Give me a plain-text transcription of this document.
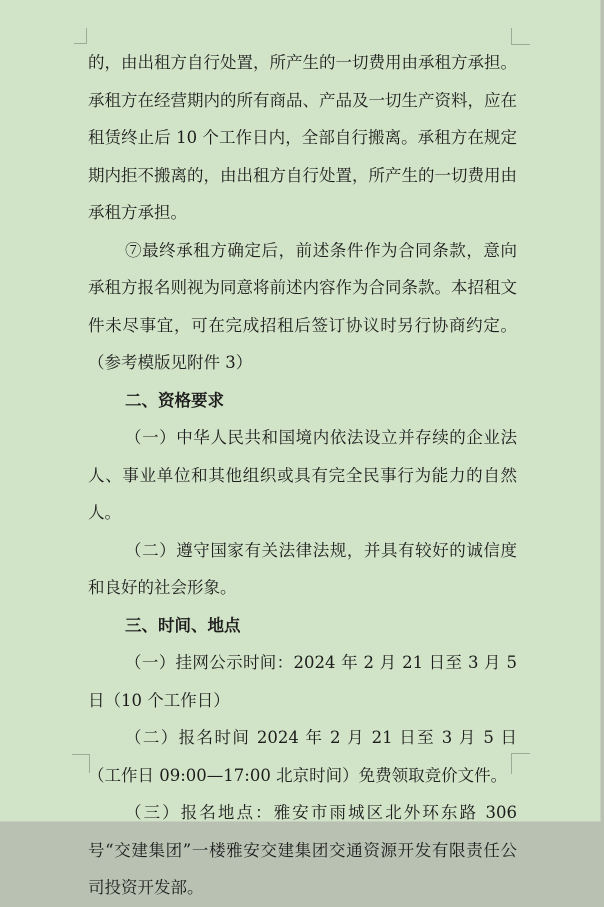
的，由出租方自行处置，所产生的一切费用由承租方承担。承租方在经营期内的所有商品、产品及一切生产资料，应在租赁终止后 10 个工作日内，全部自行搬离。承租方在规定期内拒不搬离的，由出租方自行处置，所产生的一切费用由承租方承担。

⑦最终承租方确定后，前述条件作为合同条款，意向承租方报名则视为同意将前述内容作为合同条款。本招租文件未尽事宜，可在完成招租后签订协议时另行协商约定。（参考模版见附件 3）

二、资格要求

（一）中华人民共和国境内依法设立并存续的企业法人、事业单位和其他组织或具有完全民事行为能力的自然人。

（二）遵守国家有关法律法规，并具有较好的诚信度和良好的社会形象。

三、时间、地点

（一）挂网公示时间：2024 年 2 月 21 日至 3 月 5 日（10 个工作日）

（二）报名时间 2024 年 2 月 21 日至 3 月 5 日（工作日 09:00—17:00 北京时间）免费领取竞价文件。

（三）报名地点：雅安市雨城区北外环东路 306 号“交建集团”一楼雅安交建集团交通资源开发有限责任公司投资开发部。
